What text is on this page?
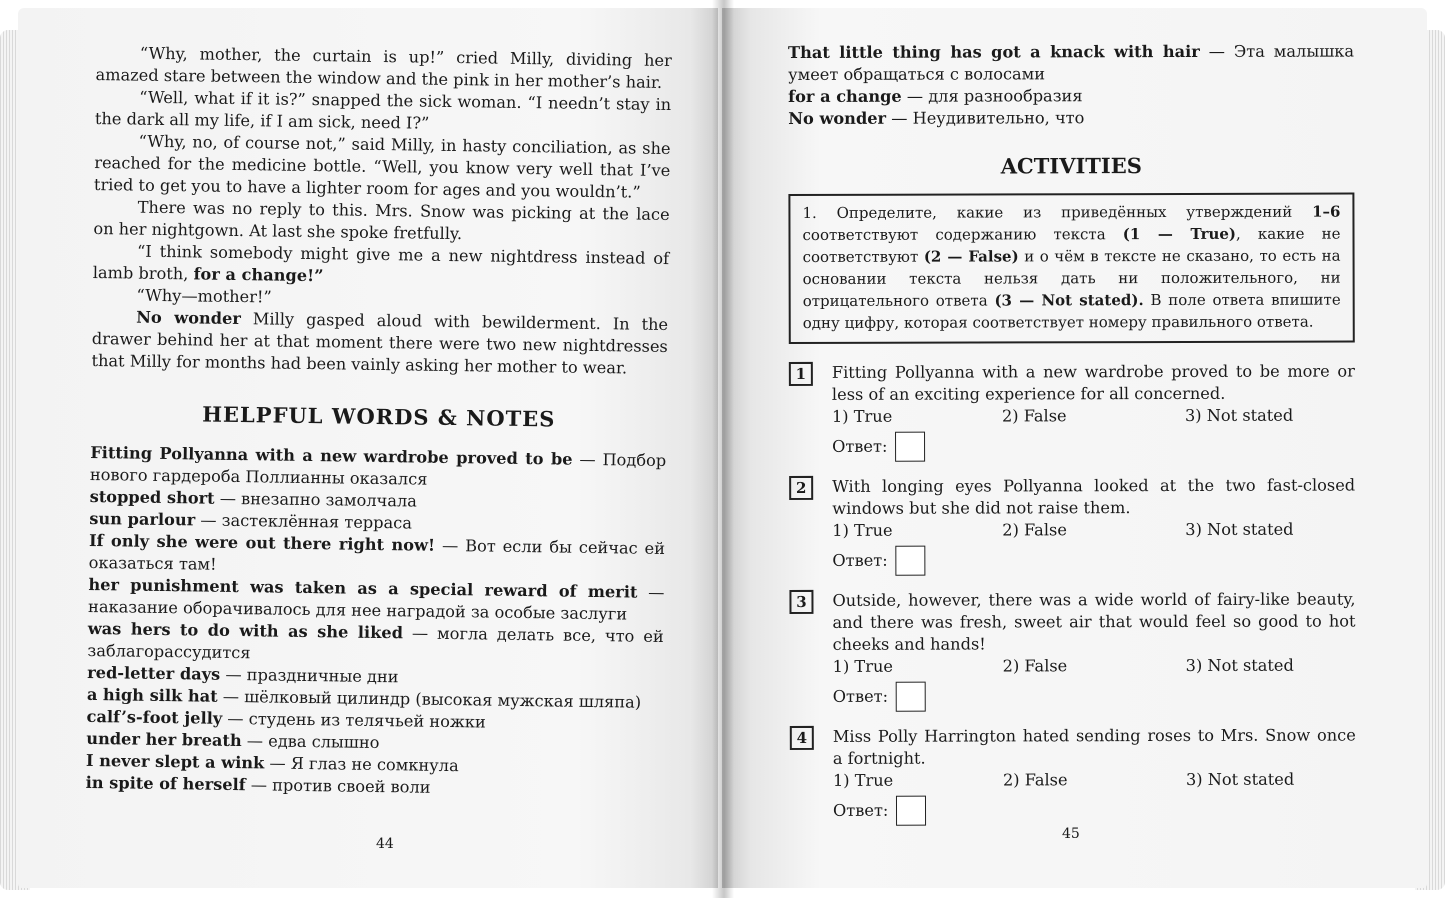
“Why, mother, the curtain is up!” cried Milly, dividing her amazed stare between the window and the pink in her mother’s hair.

“Well, what if it is?” snapped the sick woman. “I needn’t stay in the dark all my life, if I am sick, need I?”

“Why, no, of course not,” said Milly, in hasty conciliation, as she reached for the medicine bottle. “Well, you know very well that I’ve tried to get you to have a lighter room for ages and you wouldn’t.”

There was no reply to this. Mrs. Snow was picking at the lace on her nightgown. At last she spoke fretfully.

“I think somebody might give me a new nightdress instead of lamb broth, for a change!”

“Why—mother!”

No wonder Milly gasped aloud with bewilderment. In the drawer behind her at that moment there were two new nightdresses that Milly for months had been vainly asking her mother to wear.

HELPFUL WORDS & NOTES

Fitting Pollyanna with a new wardrobe proved to be — Подбор нового гардероба Поллианны оказался

stopped short — внезапно замолчала

sun parlour — застеклённая терраса

If only she were out there right now! — Вот если бы сейчас ей оказаться там!

her punishment was taken as a special reward of merit — наказание оборачивалось для нее наградой за особые заслуги

was hers to do with as she liked — могла делать все, что ей заблагорассудится

red-letter days — праздничные дни

a high silk hat — шёлковый цилиндр (высокая мужская шляпа)

calf’s-foot jelly — студень из телячьей ножки

under her breath — едва слышно

I never slept a wink — Я глаз не сомкнула

in spite of herself — против своей воли

44

That little thing has got a knack with hair — Эта малышка умеет обращаться с волосами

for a change — для разнообразия

No wonder — Неудивительно, что

ACTIVITIES

1. Определите, какие из приведённых утверждений 1–6 соответствуют содержанию текста (1 — True), какие не соответствуют (2 — False) и о чём в тексте не сказано, то есть на основании текста нельзя дать ни положительного, ни отрицательного ответа (3 — Not stated). В поле ответа впишите одну цифру, которая соответствует номеру правильного ответа.

1	Fitting Pollyanna with a new wardrobe proved to be more or less of an exciting experience for all concerned.

1) True	2) False	3) Not stated
Ответ:
2	With longing eyes Pollyanna looked at the two fast-closed windows but she did not raise them.

1) True	2) False	3) Not stated
Ответ:
3	Outside, however, there was a wide world of fairy-like beauty, and there was fresh, sweet air that would feel so good to hot cheeks and hands!

1) True	2) False	3) Not stated
Ответ:
4	Miss Polly Harrington hated sending roses to Mrs. Snow once a fortnight.

1) True	2) False	3) Not stated
Ответ:
45
